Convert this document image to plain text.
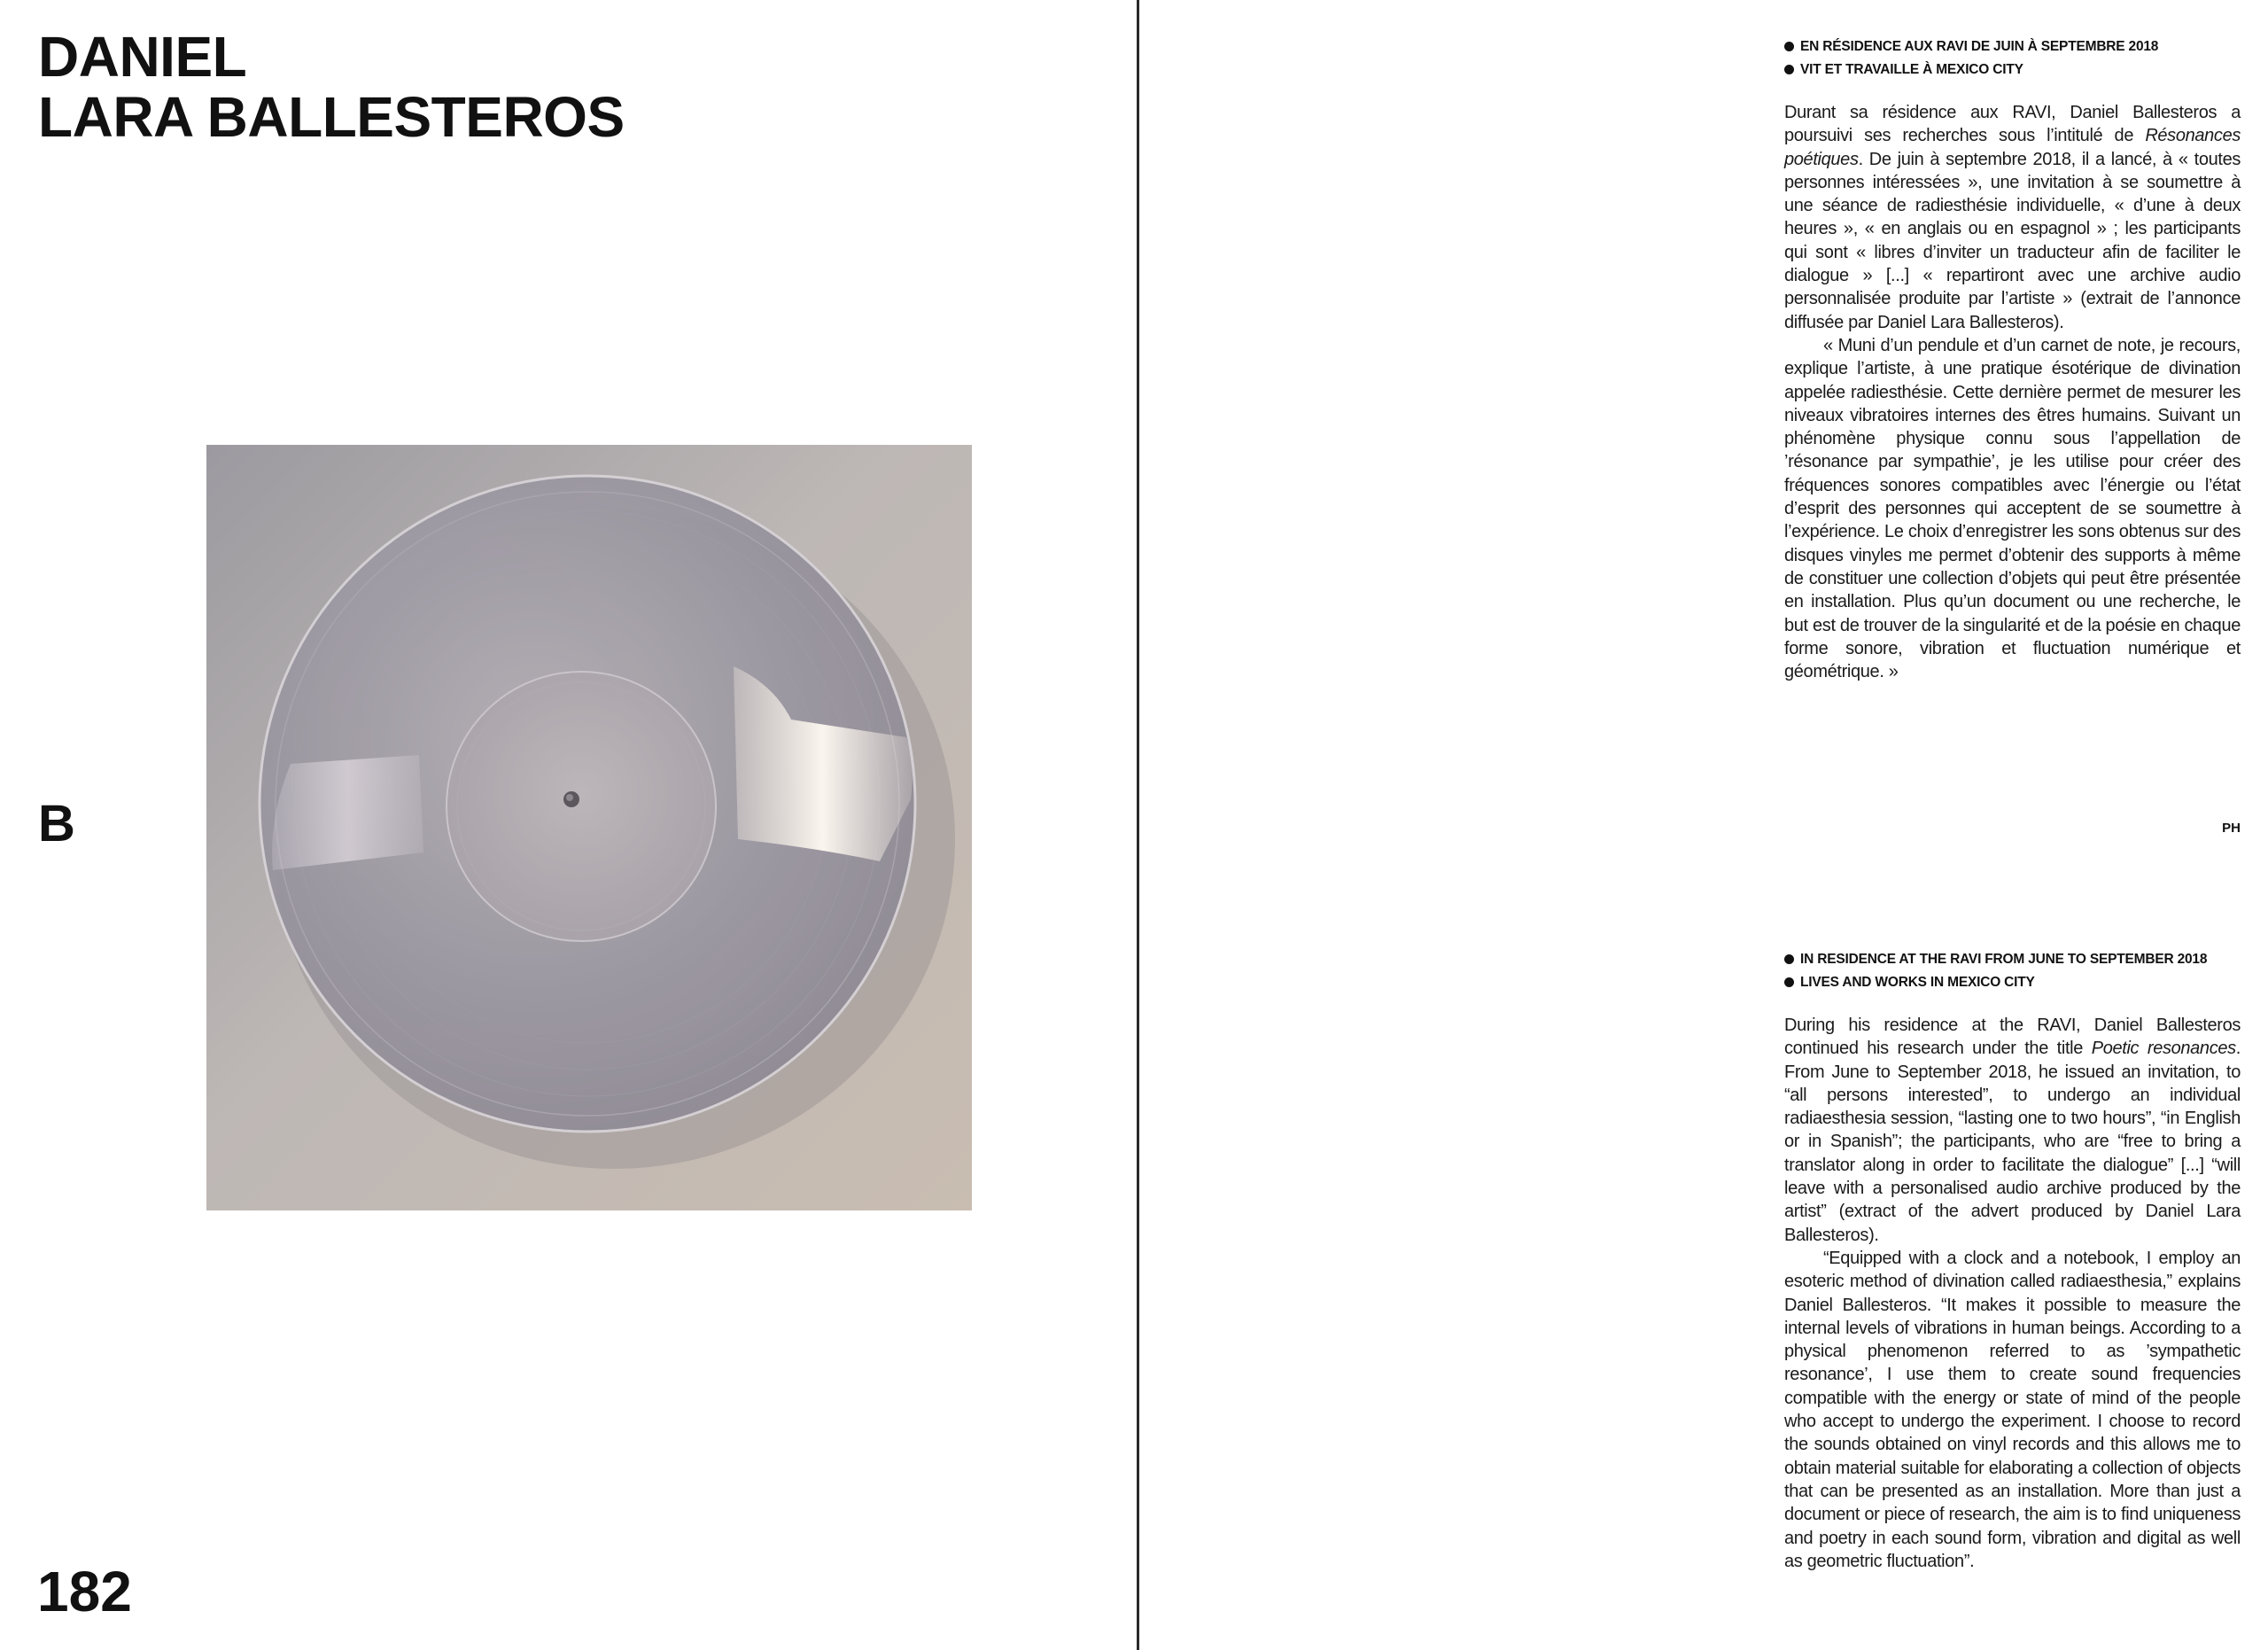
DANIEL
LARA BALLESTEROS
B
182
EN RÉSIDENCE AUX RAVI DE JUIN À SEPTEMBRE 2018
VIT ET TRAVAILLE À MEXICO CITY

Durant sa résidence aux RAVI, Daniel Ballesteros a poursuivi ses recherches sous l’intitulé de Résonances poétiques. De juin à septembre 2018, il a lancé, à « toutes personnes intéressées », une invitation à se soumettre à une séance de radiesthésie individuelle, « d’une à deux heures », « en anglais ou en espagnol » ; les participants qui sont « libres d’inviter un traducteur afin de faciliter le dialogue » [...] « repartiront avec une archive audio personnalisée produite par l’artiste » (extrait de l’annonce diffusée par Daniel Lara Ballesteros).

« Muni d’un pendule et d’un carnet de note, je recours, explique l’artiste, à une pratique ésotérique de divination appelée radiesthésie. Cette dernière permet de mesurer les niveaux vibratoires internes des êtres humains. Suivant un phénomène physique connu sous l’appellation de ’résonance par sympathie’, je les utilise pour créer des fréquences sonores compatibles avec l’énergie ou l’état d’esprit des personnes qui acceptent de se soumettre à l’expérience. Le choix d’enregistrer les sons obtenus sur des disques vinyles me permet d’obtenir des supports à même de constituer une collection d’objets qui peut être présentée en installation. Plus qu’un document ou une recherche, le but est de trouver de la singularité et de la poésie en chaque forme sonore, vibration et fluctuation numérique et géométrique. »

PH

IN RESIDENCE AT THE RAVI FROM JUNE TO SEPTEMBER 2018
LIVES AND WORKS IN MEXICO CITY

During his residence at the RAVI, Daniel Ballesteros continued his research under the title Poetic resonances. From June to September 2018, he issued an invitation, to “all persons interested”, to undergo an individual radiaesthesia session, “lasting one to two hours”, “in English or in Spanish”; the participants, who are “free to bring a translator along in order to facilitate the dialogue” [...] “will leave with a personalised audio archive produced by the artist” (extract of the advert produced by Daniel Lara Ballesteros).

“Equipped with a clock and a notebook, I employ an esoteric method of divination called radiaesthesia,” explains Daniel Ballesteros. “It makes it possible to measure the internal levels of vibrations in human beings. According to a physical phenomenon referred to as ’sympathetic resonance’, I use them to create sound frequencies compatible with the energy or state of mind of the people who accept to undergo the experiment. I choose to record the sounds obtained on vinyl records and this allows me to obtain material suitable for elaborating a collection of objects that can be presented as an installation. More than just a document or piece of research, the aim is to find uniqueness and poetry in each sound form, vibration and digital as well as geometric fluctuation”.
